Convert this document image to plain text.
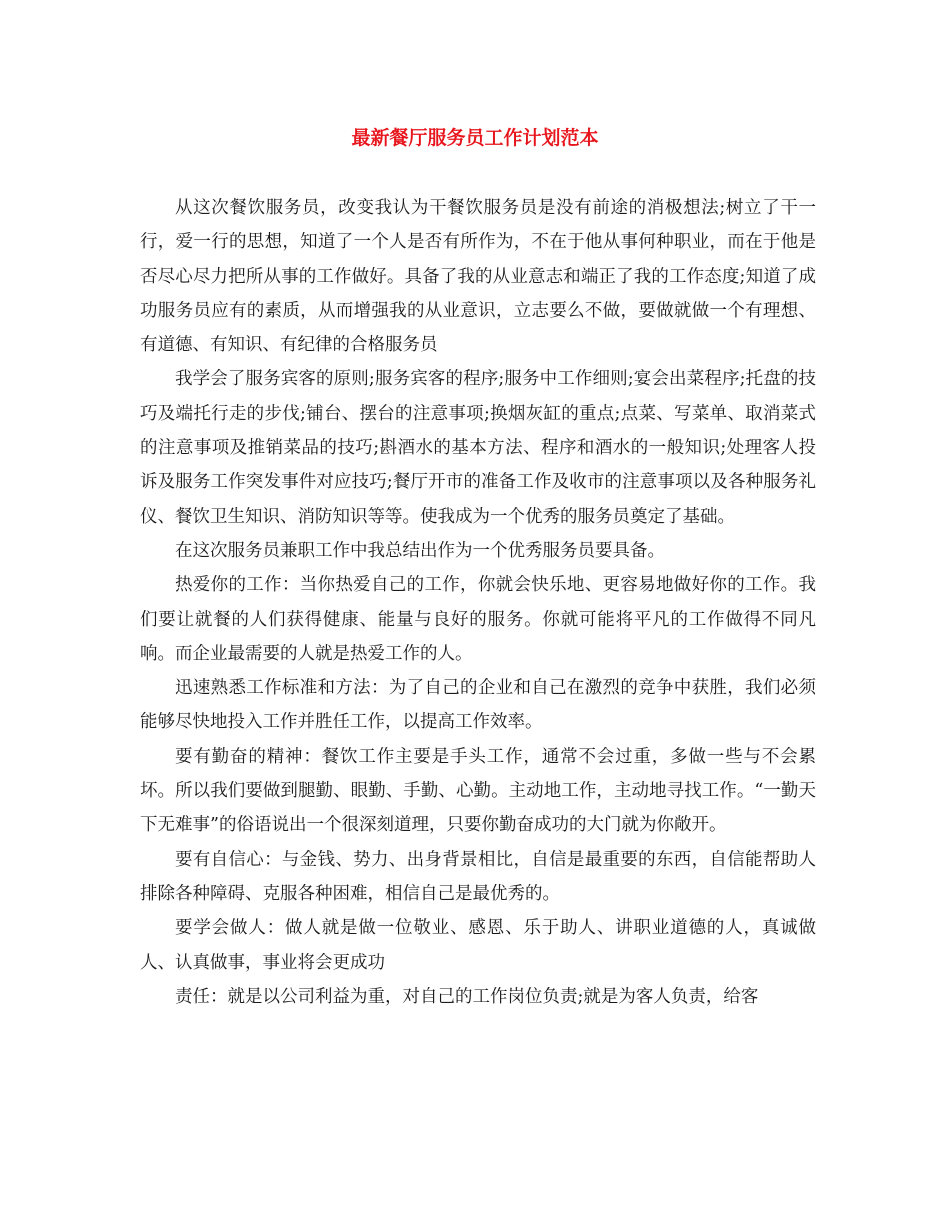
最新餐厅服务员工作计划范本

从这次餐饮服务员，改变我认为干餐饮服务员是没有前途的消极想法;树立了干一行，爱一行的思想，知道了一个人是否有所作为，不在于他从事何种职业，而在于他是否尽心尽力把所从事的工作做好。具备了我的从业意志和端正了我的工作态度;知道了成功服务员应有的素质，从而增强我的从业意识，立志要么不做，要做就做一个有理想、有道德、有知识、有纪律的合格服务员

我学会了服务宾客的原则;服务宾客的程序;服务中工作细则;宴会出菜程序;托盘的技巧及端托行走的步伐;铺台、摆台的注意事项;换烟灰缸的重点;点菜、写菜单、取消菜式的注意事项及推销菜品的技巧;斟酒水的基本方法、程序和酒水的一般知识;处理客人投诉及服务工作突发事件对应技巧;餐厅开市的准备工作及收市的注意事项以及各种服务礼仪、餐饮卫生知识、消防知识等等。使我成为一个优秀的服务员奠定了基础。

在这次服务员兼职工作中我总结出作为一个优秀服务员要具备。

热爱你的工作：当你热爱自己的工作，你就会快乐地、更容易地做好你的工作。我们要让就餐的人们获得健康、能量与良好的服务。你就可能将平凡的工作做得不同凡响。而企业最需要的人就是热爱工作的人。

迅速熟悉工作标准和方法：为了自己的企业和自己在激烈的竞争中获胜，我们必须能够尽快地投入工作并胜任工作，以提高工作效率。

要有勤奋的精神：餐饮工作主要是手头工作，通常不会过重，多做一些与不会累坏。所以我们要做到腿勤、眼勤、手勤、心勤。主动地工作，主动地寻找工作。“一勤天下无难事”的俗语说出一个很深刻道理，只要你勤奋成功的大门就为你敞开。

要有自信心：与金钱、势力、出身背景相比，自信是最重要的东西，自信能帮助人排除各种障碍、克服各种困难，相信自己是最优秀的。

要学会做人：做人就是做一位敬业、感恩、乐于助人、讲职业道德的人，真诚做人、认真做事，事业将会更成功

责任：就是以公司利益为重，对自己的工作岗位负责;就是为客人负责，给客
